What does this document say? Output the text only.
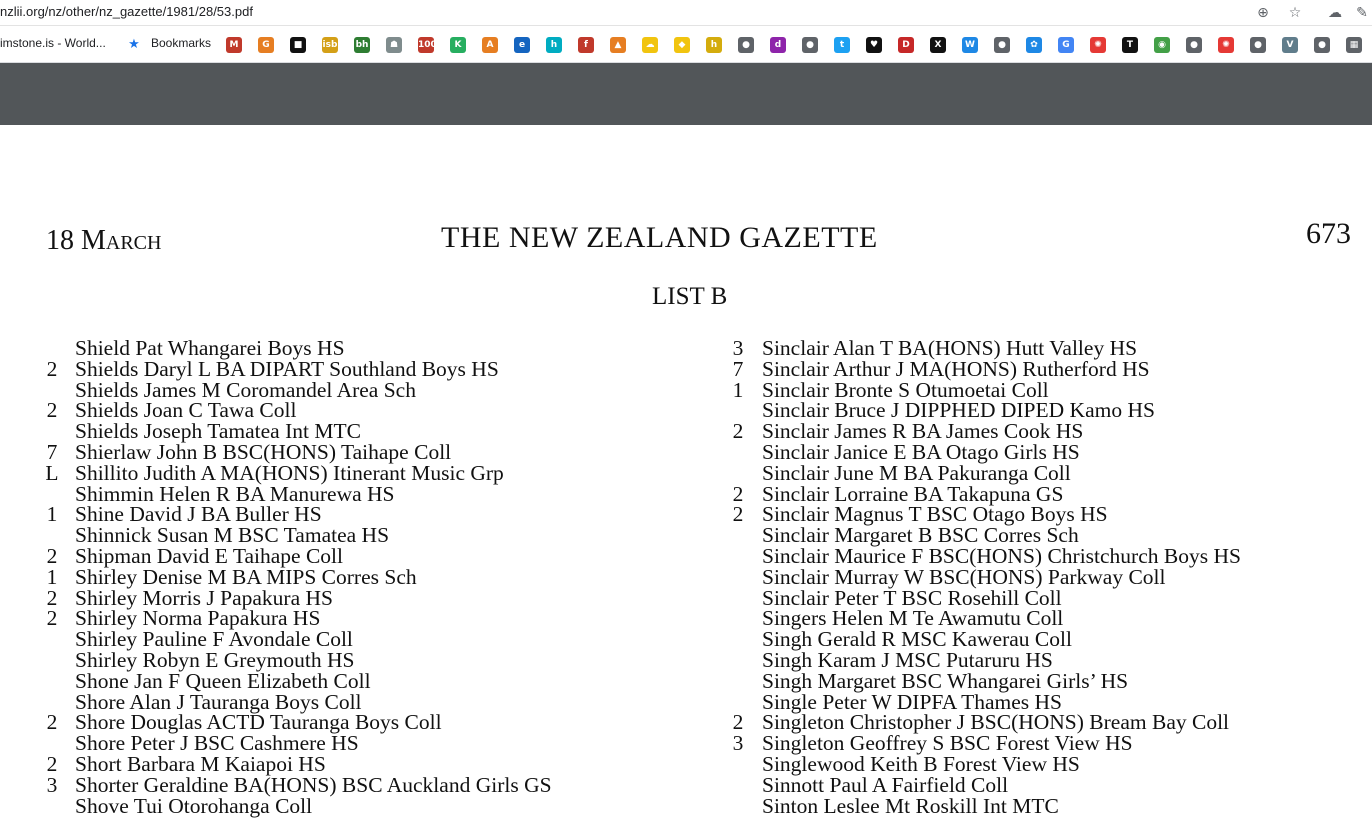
nzlii.org/nz/other/nz_gazette/1981/28/53.pdf	⊕ ☆ ☁ ✎
imstone.is - World... ★ Bookmarks	M	G	■	isb bh	☗	100	K	A	e	h	f	▲	☁	◆	h	●	d	●	t	♥	D	X	W	●	✿	G	✺	T	◉	●	✺	●	V	●	▦
18 March	THE NEW ZEALAND GAZETTE	673
LIST B
Shield Pat Whangarei Boys HS
2 Shields Daryl L BA DIPART Southland Boys HS
Shields James M Coromandel Area Sch
2 Shields Joan C Tawa Coll
Shields Joseph Tamatea Int MTC
7 Shierlaw John B BSC(HONS) Taihape Coll
L Shillito Judith A MA(HONS) Itinerant Music Grp
Shimmin Helen R BA Manurewa HS
1 Shine David J BA Buller HS
Shinnick Susan M BSC Tamatea HS
2 Shipman David E Taihape Coll
1 Shirley Denise M BA MIPS Corres Sch
2 Shirley Morris J Papakura HS
2 Shirley Norma Papakura HS
Shirley Pauline F Avondale Coll
Shirley Robyn E Greymouth HS
Shone Jan F Queen Elizabeth Coll
Shore Alan J Tauranga Boys Coll
2 Shore Douglas ACTD Tauranga Boys Coll
Shore Peter J BSC Cashmere HS
2 Short Barbara M Kaiapoi HS
3 Shorter Geraldine BA(HONS) BSC Auckland Girls GS
Shove Tui Otorohanga Coll
3 Sinclair Alan T BA(HONS) Hutt Valley HS
7 Sinclair Arthur J MA(HONS) Rutherford HS
1 Sinclair Bronte S Otumoetai Coll
Sinclair Bruce J DIPPHED DIPED Kamo HS
2 Sinclair James R BA James Cook HS
Sinclair Janice E BA Otago Girls HS
Sinclair June M BA Pakuranga Coll
2 Sinclair Lorraine BA Takapuna GS
2 Sinclair Magnus T BSC Otago Boys HS
Sinclair Margaret B BSC Corres Sch
Sinclair Maurice F BSC(HONS) Christchurch Boys HS
Sinclair Murray W BSC(HONS) Parkway Coll
Sinclair Peter T BSC Rosehill Coll
Singers Helen M Te Awamutu Coll
Singh Gerald R MSC Kawerau Coll
Singh Karam J MSC Putaruru HS
Singh Margaret BSC Whangarei Girls’ HS
Single Peter W DIPFA Thames HS
2 Singleton Christopher J BSC(HONS) Bream Bay Coll
3 Singleton Geoffrey S BSC Forest View HS
Singlewood Keith B Forest View HS
Sinnott Paul A Fairfield Coll
Sinton Leslee Mt Roskill Int MTC
